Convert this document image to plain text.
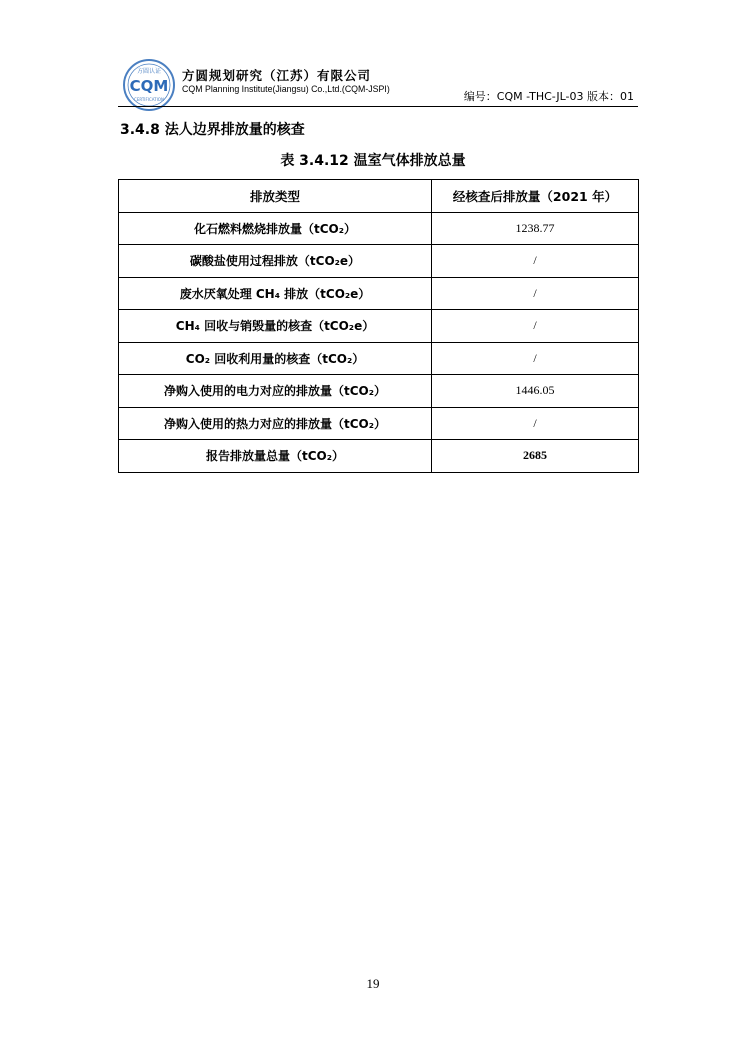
方圆认证
CQM
CERTIFICATION
方圆规划研究（江苏）有限公司
CQM Planning Institute(Jiangsu) Co.,Ltd.(CQM-JSPI)
编号：CQM -THC-JL-03 版本：01
3.4.8 法人边界排放量的核查
表 3.4.12 温室气体排放总量
排放类型	经核查后排放量（2021 年）
化石燃料燃烧排放量（tCO₂）	1238.77
碳酸盐使用过程排放（tCO₂e）	/
废水厌氧处理 CH₄ 排放（tCO₂e）	/
CH₄ 回收与销毁量的核查（tCO₂e）	/
CO₂ 回收利用量的核查（tCO₂）	/
净购入使用的电力对应的排放量（tCO₂）	1446.05
净购入使用的热力对应的排放量（tCO₂）	/
报告排放量总量（tCO₂）	2685
19
